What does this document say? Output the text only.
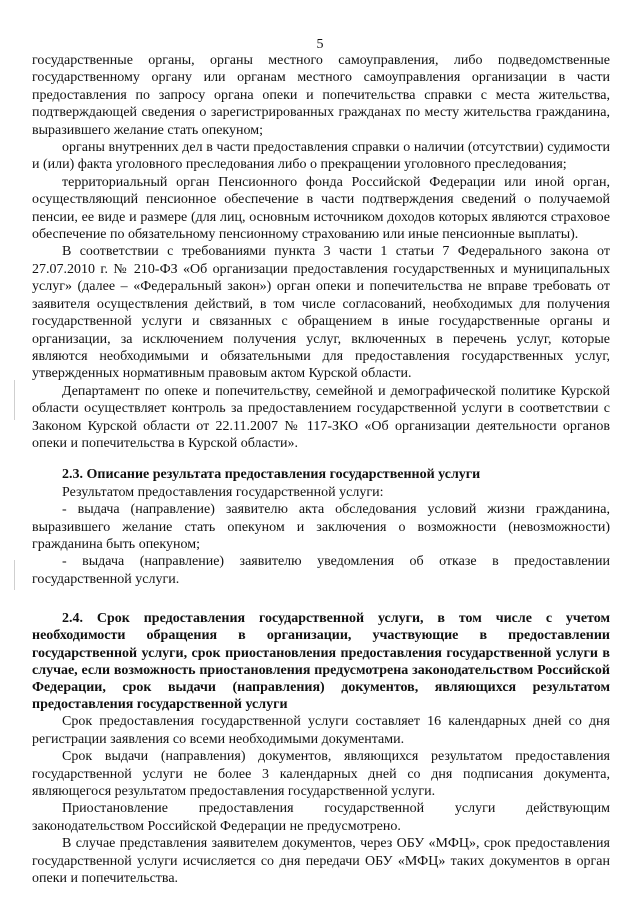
5

государственные органы, органы местного самоуправления, либо подведомственные государственному органу или органам местного самоуправления организации в части предоставления по запросу органа опеки и попечительства справки с места жительства, подтверждающей сведения о зарегистрированных гражданах по месту жительства гражданина, выразившего желание стать опекуном;

органы внутренних дел в части предоставления справки о наличии (отсутствии) судимости и (или) факта уголовного преследования либо о прекращении уголовного преследования;

территориальный орган Пенсионного фонда Российской Федерации или иной орган, осуществляющий пенсионное обеспечение в части подтверждения сведений о получаемой пенсии, ее виде и размере (для лиц, основным источником доходов которых являются страховое обеспечение по обязательному пенсионному страхованию или иные пенсионные выплаты).

В соответствии с требованиями пункта 3 части 1 статьи 7 Федерального закона от 27.07.2010 г. № 210-ФЗ «Об организации предоставления государственных и муниципальных услуг» (далее – «Федеральный закон») орган опеки и попечительства не вправе требовать от заявителя осуществления действий, в том числе согласований, необходимых для получения государственной услуги и связанных с обращением в иные государственные органы и организации, за исключением получения услуг, включенных в перечень услуг, которые являются необходимыми и обязательными для предоставления государственных услуг, утвержденных нормативным правовым актом Курской области.

Департамент по опеке и попечительству, семейной и демографической политике Курской области осуществляет контроль за предоставлением государственной услуги в соответствии с Законом Курской области от 22.11.2007 № 117-ЗКО «Об организации деятельности органов опеки и попечительства в Курской области».

2.3. Описание результата предоставления государственной услуги

Результатом предоставления государственной услуги:

- выдача (направление) заявителю акта обследования условий жизни гражданина, выразившего желание стать опекуном и заключения о возможности (невозможности) гражданина быть опекуном;

- выдача (направление) заявителю уведомления об отказе в предоставлении государственной услуги.

2.4. Срок предоставления государственной услуги, в том числе с учетом необходимости обращения в организации, участвующие в предоставлении государственной услуги, срок приостановления предоставления государственной услуги в случае, если возможность приостановления предусмотрена законодательством Российской Федерации, срок выдачи (направления) документов, являющихся результатом предоставления государственной услуги

Срок предоставления государственной услуги составляет 16 календарных дней со дня регистрации заявления со всеми необходимыми документами.

Срок выдачи (направления) документов, являющихся результатом предоставления государственной услуги не более 3 календарных дней со дня подписания документа, являющегося результатом предоставления государственной услуги.

Приостановление предоставления государственной услуги действующим законодательством Российской Федерации не предусмотрено.

В случае представления заявителем документов, через ОБУ «МФЦ», срок предоставления государственной услуги исчисляется со дня передачи ОБУ «МФЦ» таких документов в орган опеки и попечительства.
